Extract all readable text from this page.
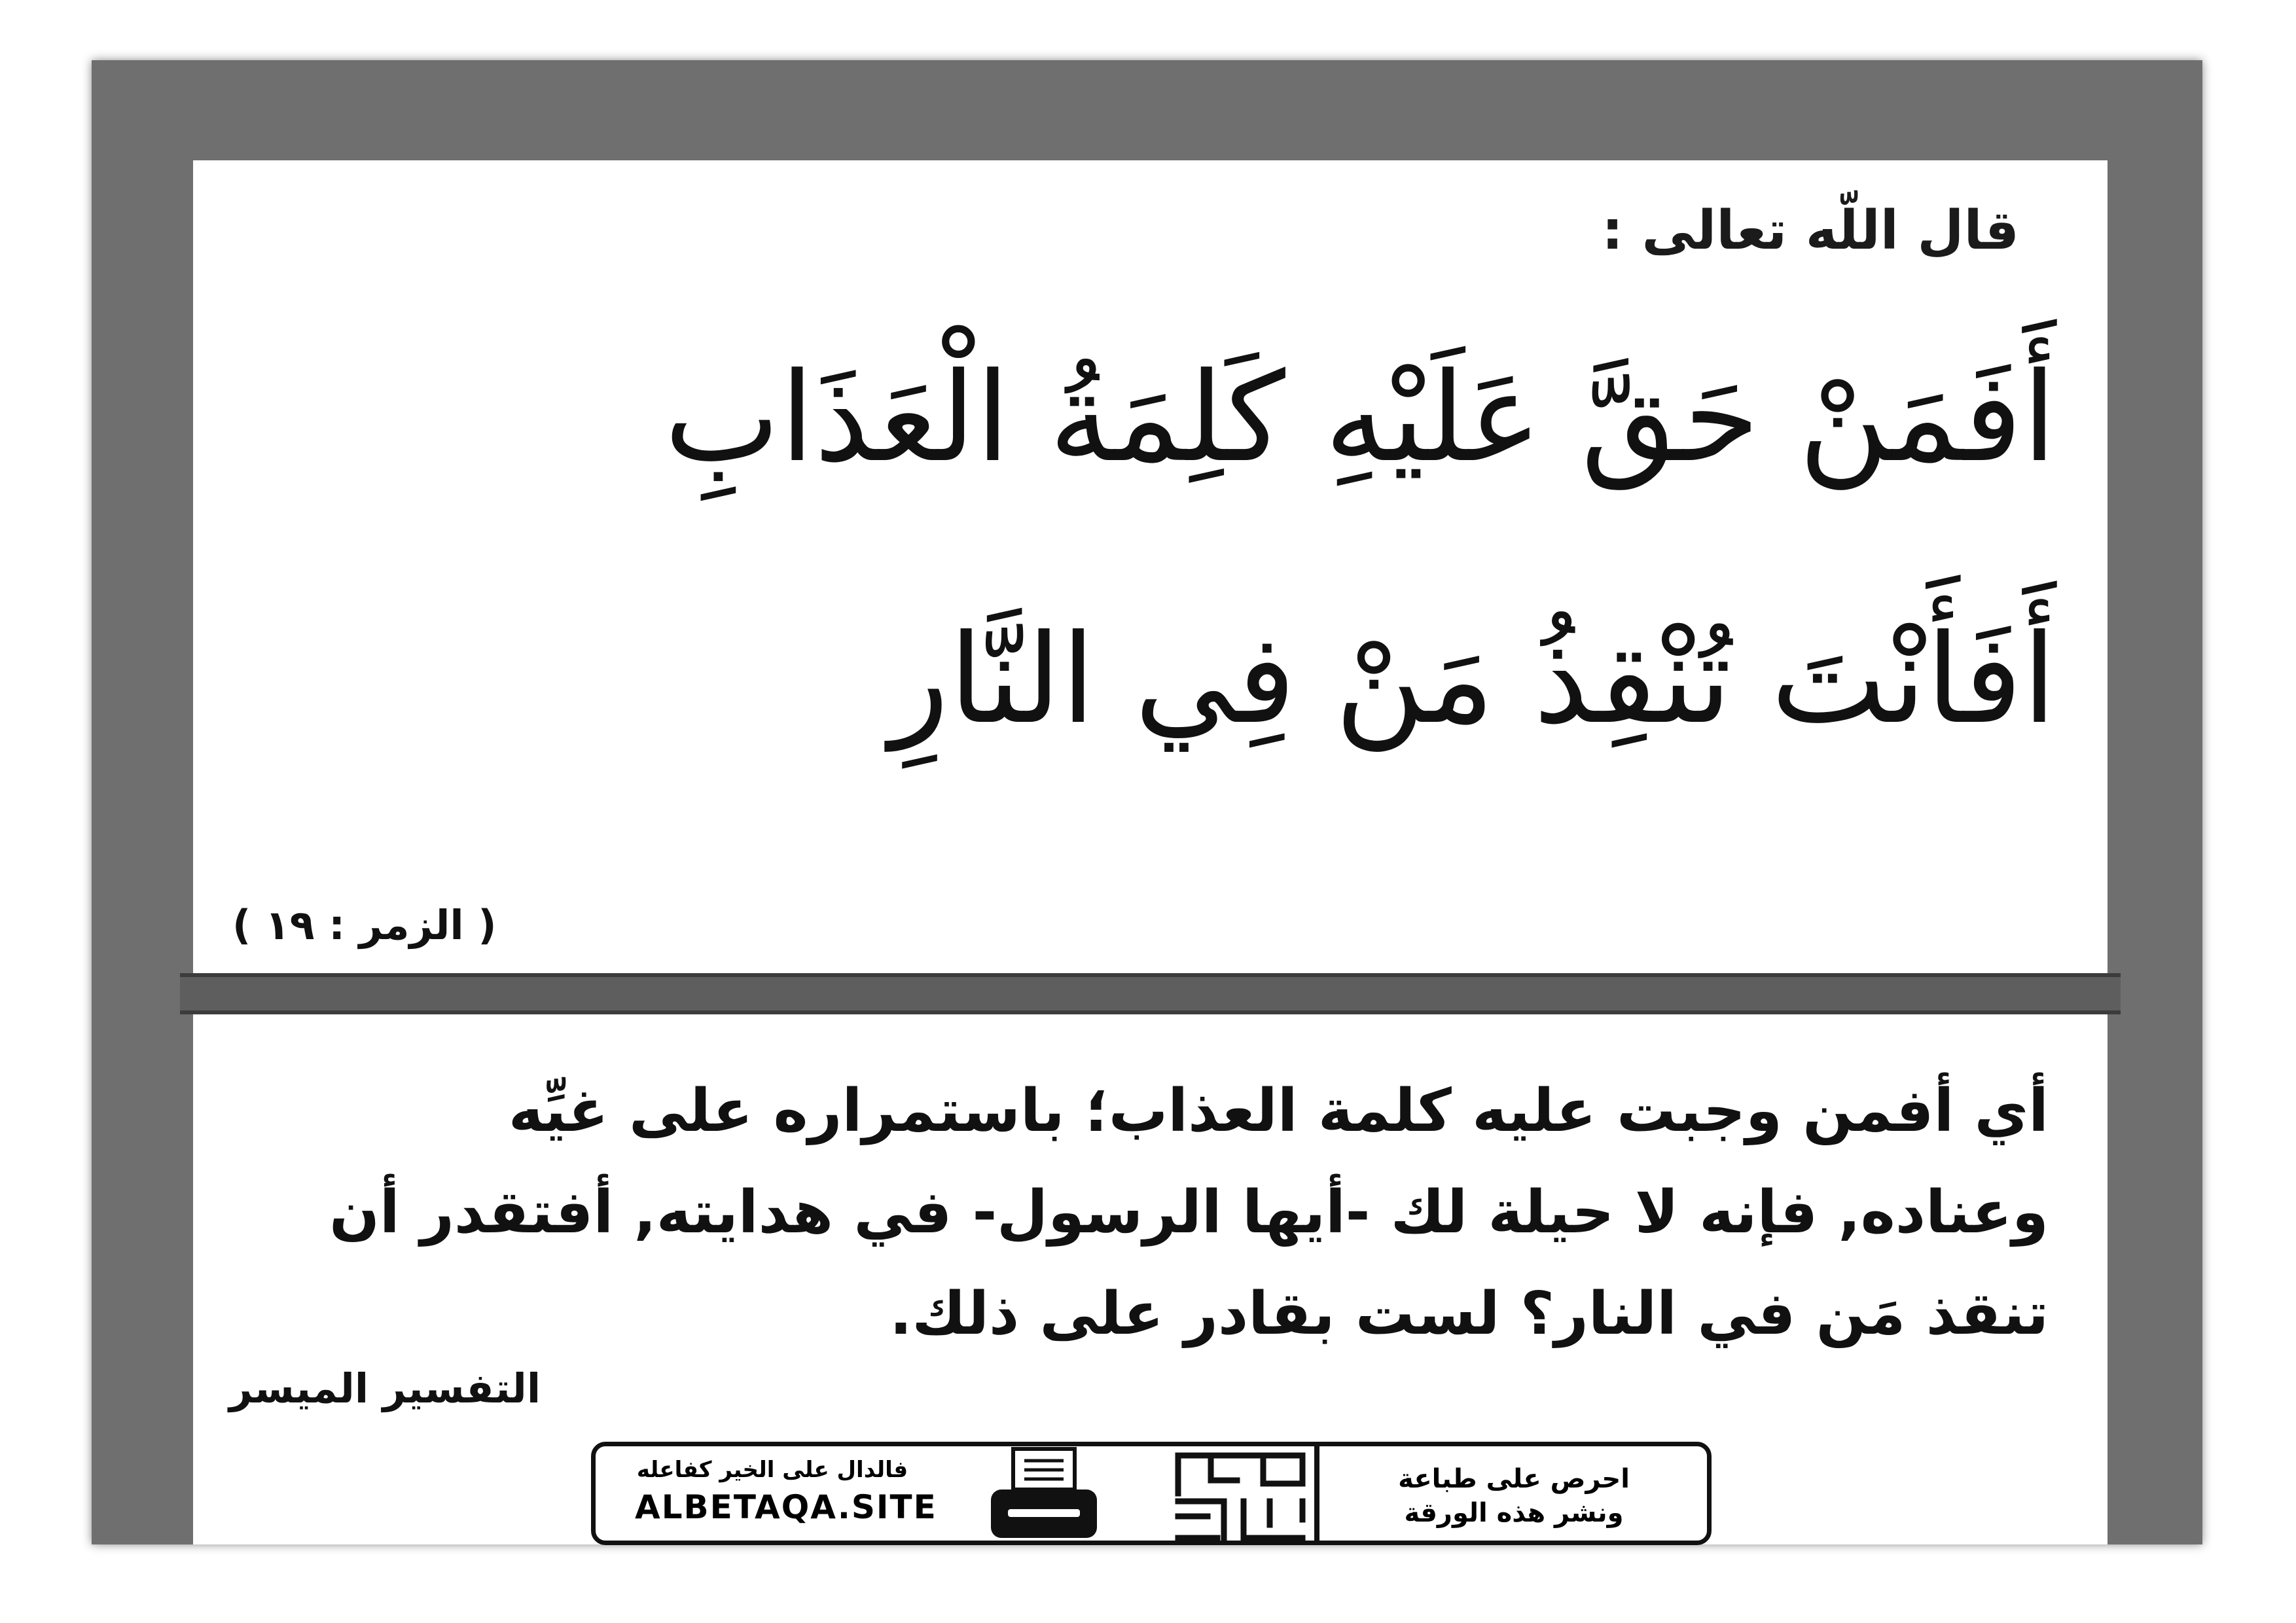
قال اللّه تعالى :
أَفَمَنْ حَقَّ عَلَيْهِ كَلِمَةُ الْعَذَابِ
أَفَأَنْتَ تُنْقِذُ مَنْ فِي النَّارِ
( الزمر : ١٩ )
أي أفمن وجبت عليه كلمة العذاب؛ باستمراره على غيِّه
وعناده, فإنه لا حيلة لك -أيها الرسول- في هدايته, أفتقدر أن
تنقذ مَن في النار؟ لست بقادر على ذلك.
التفسير الميسر
فالدال على الخير كفاعله
ALBETAQA.SITE
احرص على طباعة
ونشر هذه الورقة
